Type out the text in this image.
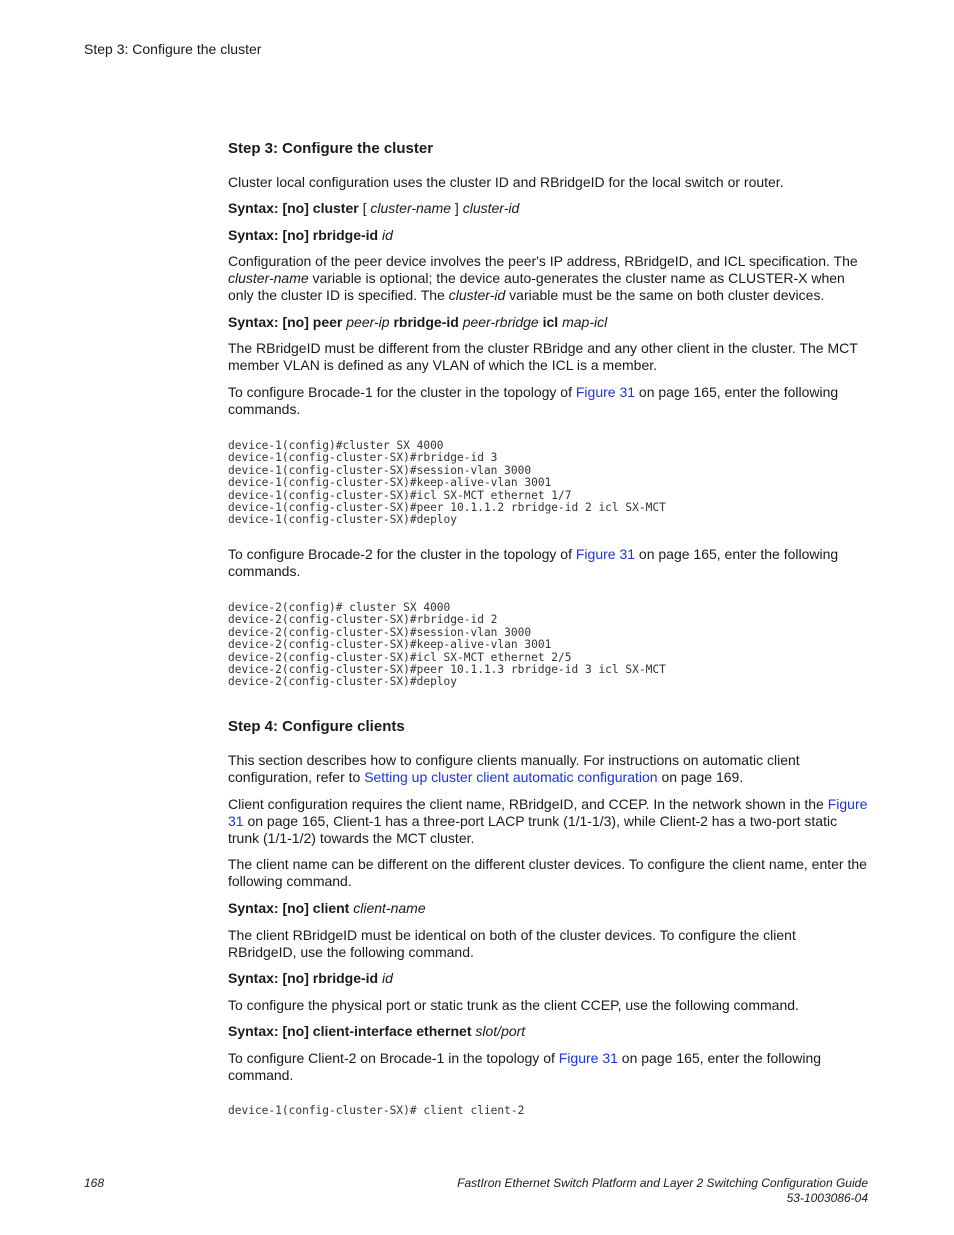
Step 3: Configure the cluster
Step 3: Configure the cluster

Cluster local configuration uses the cluster ID and RBridgeID for the local switch or router.

Syntax: [no] cluster [ cluster-name ] cluster-id
Syntax: [no] rbridge-id id

Configuration of the peer device involves the peer's IP address, RBridgeID, and ICL specification. The cluster-name variable is optional; the device auto-generates the cluster name as CLUSTER-X when only the cluster ID is specified. The cluster-id variable must be the same on both cluster devices.

Syntax: [no] peer peer-ip rbridge-id peer-rbridge icl map-icl

The RBridgeID must be different from the cluster RBridge and any other client in the cluster. The MCT member VLAN is defined as any VLAN of which the ICL is a member.

To configure Brocade-1 for the cluster in the topology of Figure 31 on page 165, enter the following commands.

device-1(config)#cluster SX 4000
device-1(config-cluster-SX)#rbridge-id 3
device-1(config-cluster-SX)#session-vlan 3000
device-1(config-cluster-SX)#keep-alive-vlan 3001
device-1(config-cluster-SX)#icl SX-MCT ethernet 1/7
device-1(config-cluster-SX)#peer 10.1.1.2 rbridge-id 2 icl SX-MCT
device-1(config-cluster-SX)#deploy

To configure Brocade-2 for the cluster in the topology of Figure 31 on page 165, enter the following commands.

device-2(config)# cluster SX 4000
device-2(config-cluster-SX)#rbridge-id 2
device-2(config-cluster-SX)#session-vlan 3000
device-2(config-cluster-SX)#keep-alive-vlan 3001
device-2(config-cluster-SX)#icl SX-MCT ethernet 2/5
device-2(config-cluster-SX)#peer 10.1.1.3 rbridge-id 3 icl SX-MCT
device-2(config-cluster-SX)#deploy
Step 4: Configure clients

This section describes how to configure clients manually. For instructions on automatic client configuration, refer to Setting up cluster client automatic configuration on page 169.

Client configuration requires the client name, RBridgeID, and CCEP. In the network shown in the Figure 31 on page 165, Client-1 has a three-port LACP trunk (1/1-1/3), while Client-2 has a two-port static trunk (1/1-1/2) towards the MCT cluster.

The client name can be different on the different cluster devices. To configure the client name, enter the following command.

Syntax: [no] client client-name

The client RBridgeID must be identical on both of the cluster devices. To configure the client RBridgeID, use the following command.

Syntax: [no] rbridge-id id

To configure the physical port or static trunk as the client CCEP, use the following command.

Syntax: [no] client-interface ethernet slot/port

To configure Client-2 on Brocade-1 in the topology of Figure 31 on page 165, enter the following command.

device-1(config-cluster-SX)# client client-2
168	FastIron Ethernet Switch Platform and Layer 2 Switching Configuration Guide
53-1003086-04
